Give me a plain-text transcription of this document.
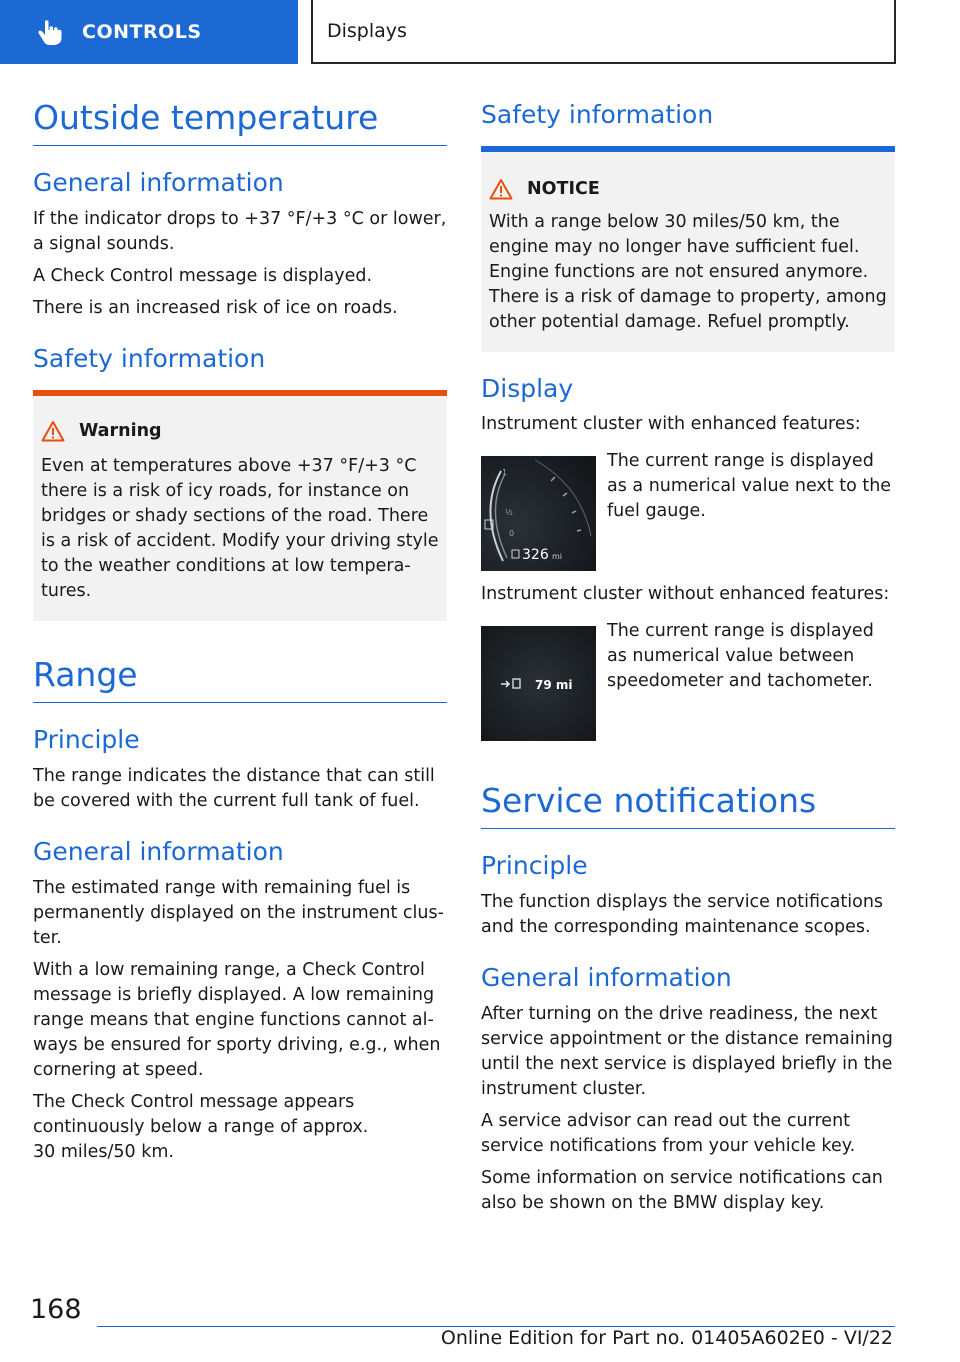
CONTROLS	Displays
Outside temperature
General information
If the indicator drops to +37 °F/+3 °C or lower,
a signal sounds.
A Check Control message is displayed.
There is an increased risk of ice on roads.
Safety information
Warning
Even at temperatures above +37 °F/+3 °C
there is a risk of icy roads, for instance on
bridges or shady sections of the road. There
is a risk of accident. Modify your driving style
to the weather conditions at low tempera‐
tures.
Range
Principle
The range indicates the distance that can still
be covered with the current full tank of fuel.
General information
The estimated range with remaining fuel is
permanently displayed on the instrument clus‐
ter.
With a low remaining range, a Check Control
message is briefly displayed. A low remaining
range means that engine functions cannot al‐
ways be ensured for sporty driving, e.g., when
cornering at speed.
The Check Control message appears
continuously below a range of approx.
30 miles/50 km.
Safety information
NOTICE
With a range below 30 miles/50 km, the
engine may no longer have sufficient fuel.
Engine functions are not ensured anymore.
There is a risk of damage to property, among
other potential damage. Refuel promptly.
Display
Instrument cluster with enhanced features:
1
½
0
326 mi
The current range is displayed
as a numerical value next to the
fuel gauge.
Instrument cluster without enhanced features:
79 mi
The current range is displayed
as numerical value between
speedometer and tachometer.
Service notifications
Principle
The function displays the service notifications
and the corresponding maintenance scopes.
General information
After turning on the drive readiness, the next
service appointment or the distance remaining
until the next service is displayed briefly in the
instrument cluster.
A service advisor can read out the current
service notifications from your vehicle key.
Some information on service notifications can
also be shown on the BMW display key.
168
Online Edition for Part no. 01405A602E0 - VI/22
